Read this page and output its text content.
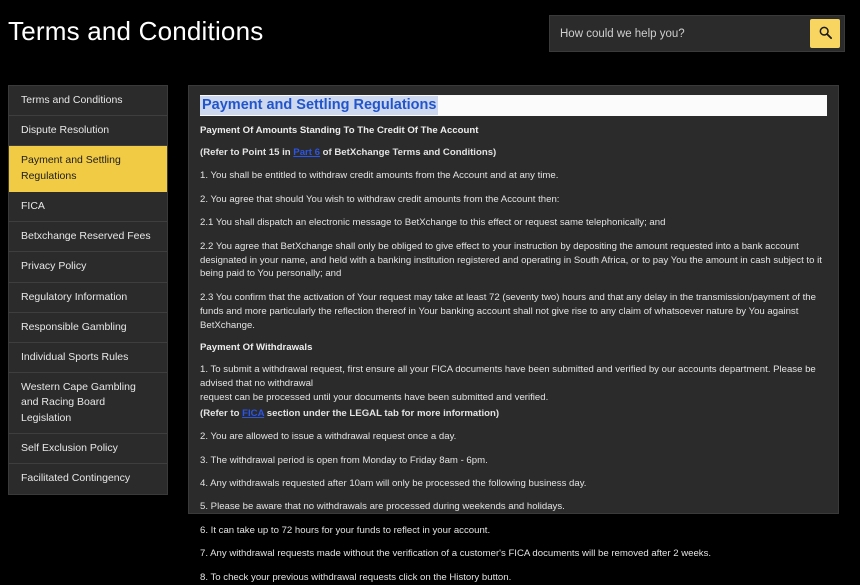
Terms and Conditions
How could we help you?
Terms and Conditions
Dispute Resolution
Payment and Settling Regulations
FICA
Betxchange Reserved Fees
Privacy Policy
Regulatory Information
Responsible Gambling
Individual Sports Rules
Western Cape Gambling and Racing Board Legislation
Self Exclusion Policy
Facilitated Contingency
Payment and Settling Regulations
Payment Of Amounts Standing To The Credit Of The Account
(Refer to Point 15 in Part 6 of BetXchange Terms and Conditions)
1. You shall be entitled to withdraw credit amounts from the Account and at any time.
2. You agree that should You wish to withdraw credit amounts from the Account then:
2.1 You shall dispatch an electronic message to BetXchange to this effect or request same telephonically; and
2.2 You agree that BetXchange shall only be obliged to give effect to your instruction by depositing the amount requested into a bank account designated in your name, and held with a banking institution registered and operating in South Africa, or to pay You the amount in cash subject to it being paid to You personally; and
2.3 You confirm that the activation of Your request may take at least 72 (seventy two) hours and that any delay in the transmission/payment of the funds and more particularly the reflection thereof in Your banking account shall not give rise to any claim of whatsoever nature by You against BetXchange.
Payment Of Withdrawals
1. To submit a withdrawal request, first ensure all your FICA documents have been submitted and verified by our accounts department. Please be advised that no withdrawal
request can be processed until your documents have been submitted and verified.
(Refer to FICA section under the LEGAL tab for more information)
2. You are allowed to issue a withdrawal request once a day.
3. The withdrawal period is open from Monday to Friday 8am - 6pm.
4. Any withdrawals requested after 10am will only be processed the following business day.
5. Please be aware that no withdrawals are processed during weekends and holidays.
6. It can take up to 72 hours for your funds to reflect in your account.
7. Any withdrawal requests made without the verification of a customer's FICA documents will be removed after 2 weeks.
8. To check your previous withdrawal requests click on the History button.
